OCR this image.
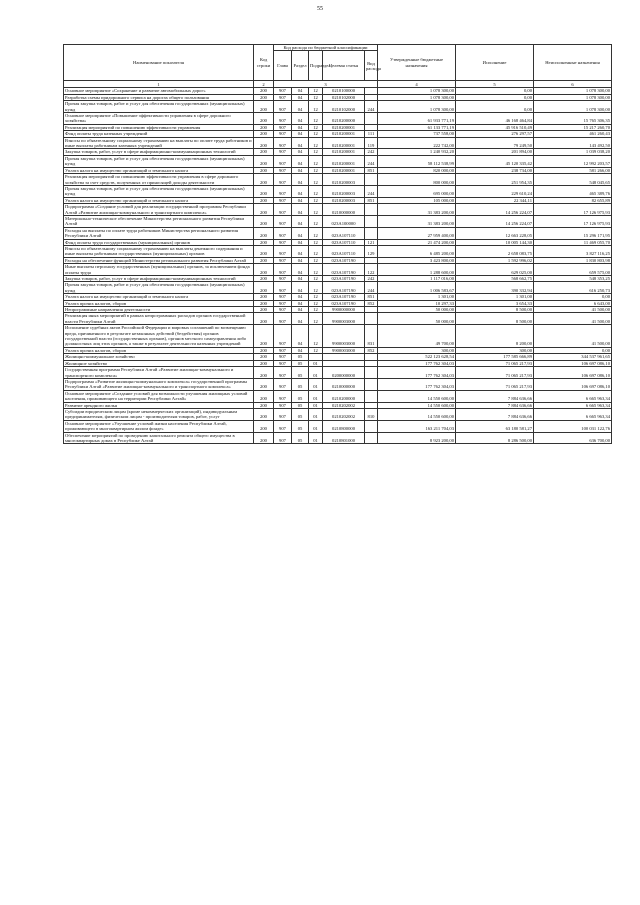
55
Наименование показателя	Код строки	Код расхода по бюджетной классификации					Утвержденные бюджетные назначения	Исполнение	Неисполненные назначения
		Глава	Раздел	Подраздел	Целевая статья	Вид расхода			
1	2	3					4	5	6
Основное мероприятие «Сохранение и развитие автомобильных дорог»	200	907	04	12	0210100000		1 078 300,00	0,00	1 078 300,00
Разработка схемы придорожного сервиса на дорогах общего пользования	200	907	04	12	0210102000		1 078 300,00	0,00	1 078 300,00
Прочая закупка товаров, работ и услуг для обеспечения государственных (муниципальных) нужд	200	907	04	12	0210102000	244	1 078 300,00	0,00	1 078 300,00
Основное мероприятие «Повышение эффективности управления в сфере дорожного хозяйства»	200	907	04	12	0210200000		61 933 771,19	46 168 464,84	15 765 306,35
Реализация мероприятий по повышению эффективности управления	200	907	04	12	0210200001		61 133 771,19	45 916 510,49	15 217 260,70
Фонд оплаты труда казенных учреждений	200	907	04	12	0210200001	111	737 558,00	276 297,57	461 260,43
Взносы по обязательному социальному страхованию на выплаты по оплате труда работников и иные выплаты работникам казенных учреждений	200	907	04	12	0210200001	119	222 742,00	79 249,50	143 492,50
Закупка товаров, работ, услуг в сфере информационно-коммуникационных технологий	200	907	04	12	0210200001	242	1 240 932,20	201 894,00	1 039 038,20
Прочая закупка товаров, работ и услуг для обеспечения государственных (муниципальных) нужд	200	907	04	12	0210200001	244	58 112 538,99	45 120 335,42	12 992 203,57
Уплата налога на имущество организаций и земельного налога	200	907	04	12	0210200001	851	820 000,00	238 734,00	581 266,00
Реализация мероприятий по повышению эффективности управления в сфере дорожного хозяйства за счет средств, полученных от приносящей доходы деятельности	200	907	04	12	0210200003		800 000,00	251 954,35	548 045,65
Прочая закупка товаров, работ и услуг для обеспечения государственных (муниципальных) нужд	200	907	04	12	0210200003	244	695 000,00	229 610,24	465 389,76
Уплата налога на имущество организаций и земельного налога	200	907	04	12	0210200003	851	105 000,00	22 344,11	82 655,89
Подпрограмма «Создание условий для реализации государственной программы Республики Алтай «Развитие жилищно-коммунального и транспортного комплекса»	200	907	04	12	0210000000		31 383 200,00	14 256 224,07	17 126 975,93
Материально-техническое обеспечение Министерства регионального развития Республики Алтай	200	907	04	12	023А100000		31 383 200,00	14 256 224,07	17 126 975,93
Расходы на выплаты по оплате труда работников Министерства регионального развития Республики Алтай	200	907	04	12	023А107110		27 959 400,00	12 663 228,05	15 296 171,95
Фонд оплаты труда государственных (муниципальных) органов	200	907	04	12	023А107110	121	21 474 200,00	10 005 144,30	11 469 055,70
Взносы по обязательному социальному страхованию на выплаты денежного содержания и иные выплаты работникам государственных (муниципальных) органов	200	907	04	12	023А107110	129	6 485 200,00	2 658 083,75	3 827 116,25
Расходы на обеспечение функций Министерства регионального развития Республики Алтай	200	907	04	12	023А107190		3 423 800,00	1 592 996,02	1 830 803,98
Иные выплаты персоналу государственных (муниципальных) органов, за исключением фонда оплаты труда	200	907	04	12	023А107190	122	1 288 600,00	629 025,00	659 575,00
Закупка товаров, работ, услуг в сфере информационно-коммуникационных технологий	200	907	04	12	023А107190	242	1 117 016,00	568 662,75	548 353,25
Прочая закупка товаров, работ и услуг для обеспечения государственных (муниципальных) нужд	200	907	04	12	023А107190	244	1 006 583,67	390 332,94	616 250,73
Уплата налога на имущество организаций и земельного налога	200	907	04	12	023А107190	851	1 301,00	1 301,00	0,00
Уплата прочих налогов, сборов	200	907	04	12	023А107190	852	10 297,33	3 654,33	6 643,00
Непрограммные направления деятельности	200	907	04	12	9900000000		50 000,00	8 500,00	41 500,00
Реализация иных мероприятий в рамках непрограммных расходов органов государственной власти Республики Алтай	200	907	04	12	9900003000		50 000,00	8 500,00	41 500,00
Исполнение судебных актов Российской Федерации и мировых соглашений по возмещению вреда, причиненного в результате незаконных действий (бездействия) органов государственной власти (государственных органов), органов местного самоуправления либо должностных лиц этих органов, а также в результате деятельности казенных учреждений	200	907	04	12	9900003000	831	49 700,00	8 200,00	41 500,00
Уплата прочих налогов, сборов	200	907	04	12	9900003000	852	300,00	300,00	0,00
Жилищно-коммунальное хозяйство	200	907	05				522 123 628,54	177 585 666,89	344 537 961,65
Жилищное хозяйство	200	907	05	01			177 762 304,03	71 065 217,93	106 697 086,10
Государственная программа Республики Алтай «Развитие жилищно-коммунального и транспортного комплекса»	200	907	05	01	0200000000		177 762 304,03	71 065 217,93	106 697 086,10
Подпрограмма «Развитие жилищно-коммунального комплекса» государственной программы Республики Алтай «Развитие жилищно-коммунального и транспортного комплекса»	200	907	05	01	0210000000		177 762 304,03	71 065 217,93	106 697 086,10
Основное мероприятие «Создание условий для возможности улучшения жилищных условий населения, проживающего на территории Республики Алтай»	200	907	05	01	0210200000		14 550 600,00	7 884 636,66	6 665 963,34
Развитие арендного жилья	200	907	05	01	0210202002		14 550 600,00	7 884 636,66	6 665 963,34
Субсидии юридическим лицам (кроме некоммерческих организаций), индивидуальным предпринимателям, физическим лицам - производителям товаров, работ, услуг	200	907	05	01	0210202002	810	14 550 600,00	7 884 636,66	6 665 963,34
Основное мероприятие «Улучшение условий жизни населения Республики Алтай, проживающего в многоквартирном жилом фонде»	200	907	05	01	0210800000		163 211 704,03	63 180 581,27	100 031 122,76
Обеспечение мероприятий по проведению капитального ремонта общего имущества в многоквартирных домах в Республике Алтай	200	907	05	01	0210801000		8 923 200,00	8 286 500,00	636 700,00
